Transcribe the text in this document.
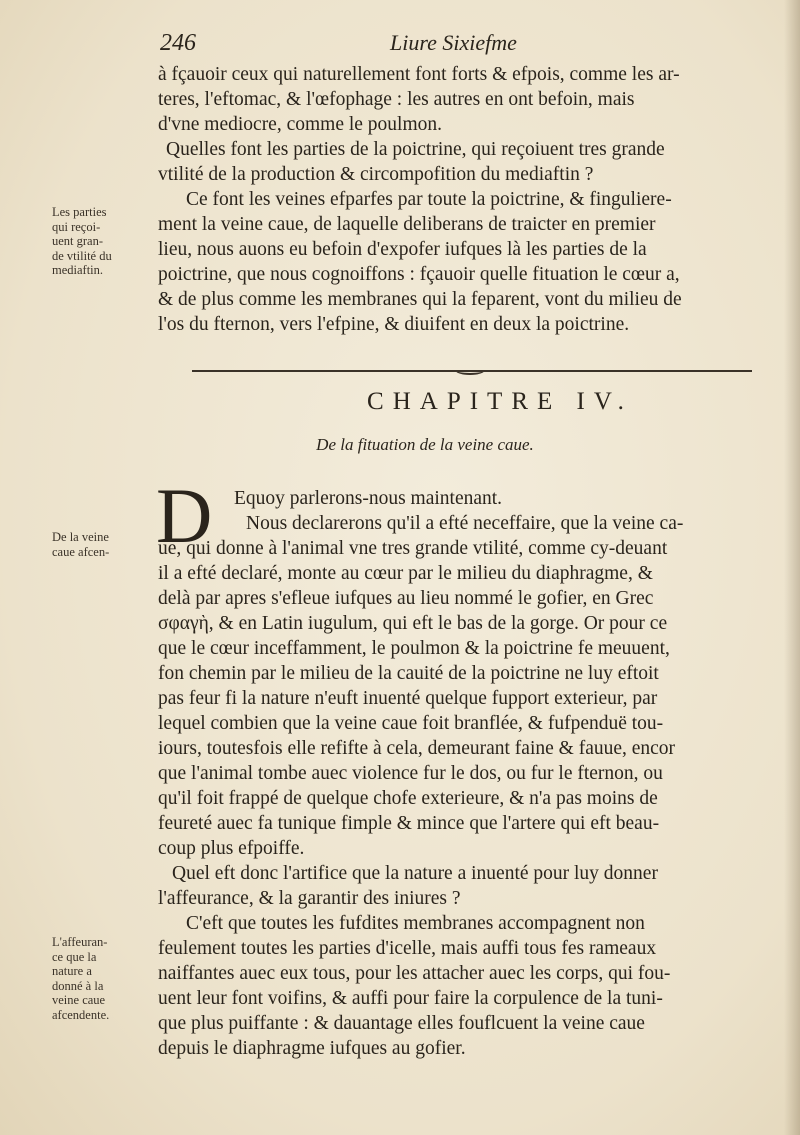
246	Liure Sixiefme

à fçauoir ceux qui naturellement font forts & efpois, comme les ar-

teres, l'eftomac, & l'œfophage : les autres en ont befoin, mais

d'vne mediocre, comme le poulmon.

Quelles font les parties de la poictrine, qui reçoiuent tres grande

vtilité de la production & circompofition du mediaftin ?

Ce font les veines efparfes par toute la poictrine, & finguliere-

ment la veine caue, de laquelle deliberans de traicter en premier

lieu, nous auons eu befoin d'expofer iufques là les parties de la

poictrine, que nous cognoiffons : fçauoir quelle fituation le cœur a,

& de plus comme les membranes qui la feparent, vont du milieu de

l'os du fternon, vers l'efpine, & diuifent en deux la poictrine.

Les parties
qui reçoi-
uent gran-
de vtilité du
mediaftin.
CHAPITRE IV.
De la fituation de la veine caue.
D	Equoy parlerons-nous maintenant.

Nous declarerons qu'il a efté neceffaire, que la veine ca-

ue, qui donne à l'animal vne tres grande vtilité, comme cy-deuant

il a efté declaré, monte au cœur par le milieu du diaphragme, &

delà par apres s'efleue iufques au lieu nommé le gofier, en Grec

σφαγὴ, & en Latin iugulum, qui eft le bas de la gorge. Or pour ce

que le cœur inceffamment, le poulmon & la poictrine fe meuuent,

fon chemin par le milieu de la cauité de la poictrine ne luy eftoit

pas feur fi la nature n'euft inuenté quelque fupport exterieur, par

lequel combien que la veine caue foit branflée, & fufpenduë tou-

iours, toutesfois elle refifte à cela, demeurant faine & fauue, encor

que l'animal tombe auec violence fur le dos, ou fur le fternon, ou

qu'il foit frappé de quelque chofe exterieure, & n'a pas moins de

feureté auec fa tunique fimple & mince que l'artere qui eft beau-

coup plus efpoiffe.

Quel eft donc l'artifice que la nature a inuenté pour luy donner

l'affeurance, & la garantir des iniures ?

C'eft que toutes les fufdites membranes accompagnent non

feulement toutes les parties d'icelle, mais auffi tous fes rameaux

naiffantes auec eux tous, pour les attacher auec les corps, qui fou-

uent leur font voifins, & auffi pour faire la corpulence de la tuni-

que plus puiffante : & dauantage elles fouflcuent la veine caue

depuis le diaphragme iufques au gofier.

De la veine
caue afcen-
L'affeuran-
ce que la
nature a
donné à la
veine caue
afcendente.
